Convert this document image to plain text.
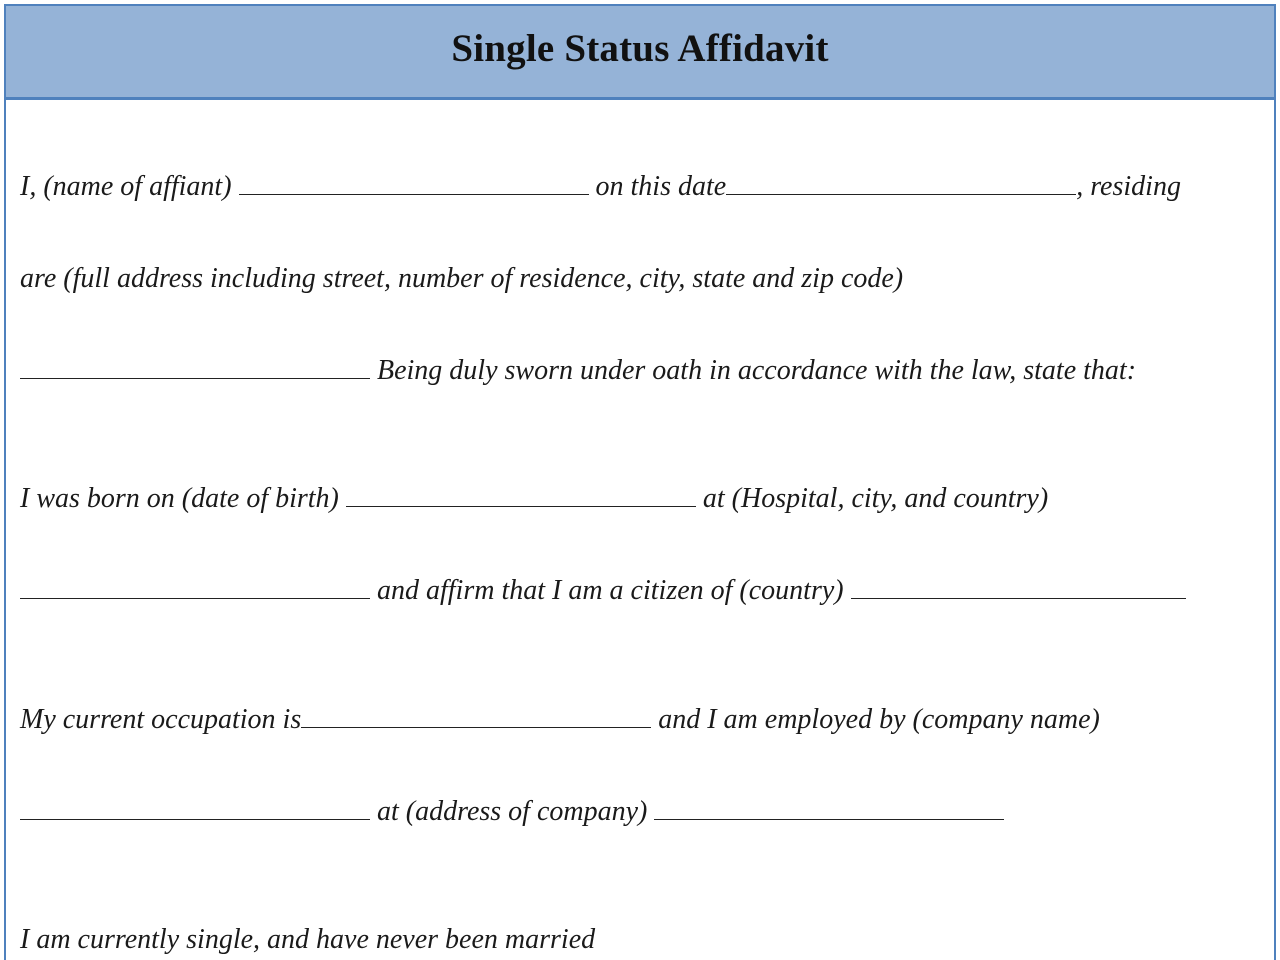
Single Status Affidavit
I, (name of affiant)	on this date	, residing
are (full address including street, number of residence, city, state and zip code)
Being duly sworn under oath in accordance with the law, state that:
I was born on (date of birth)	at (Hospital, city, and country)
and affirm that I am a citizen of (country)
My current occupation is	and I am employed by (company name)
at (address of company)
I am currently single, and have never been married
